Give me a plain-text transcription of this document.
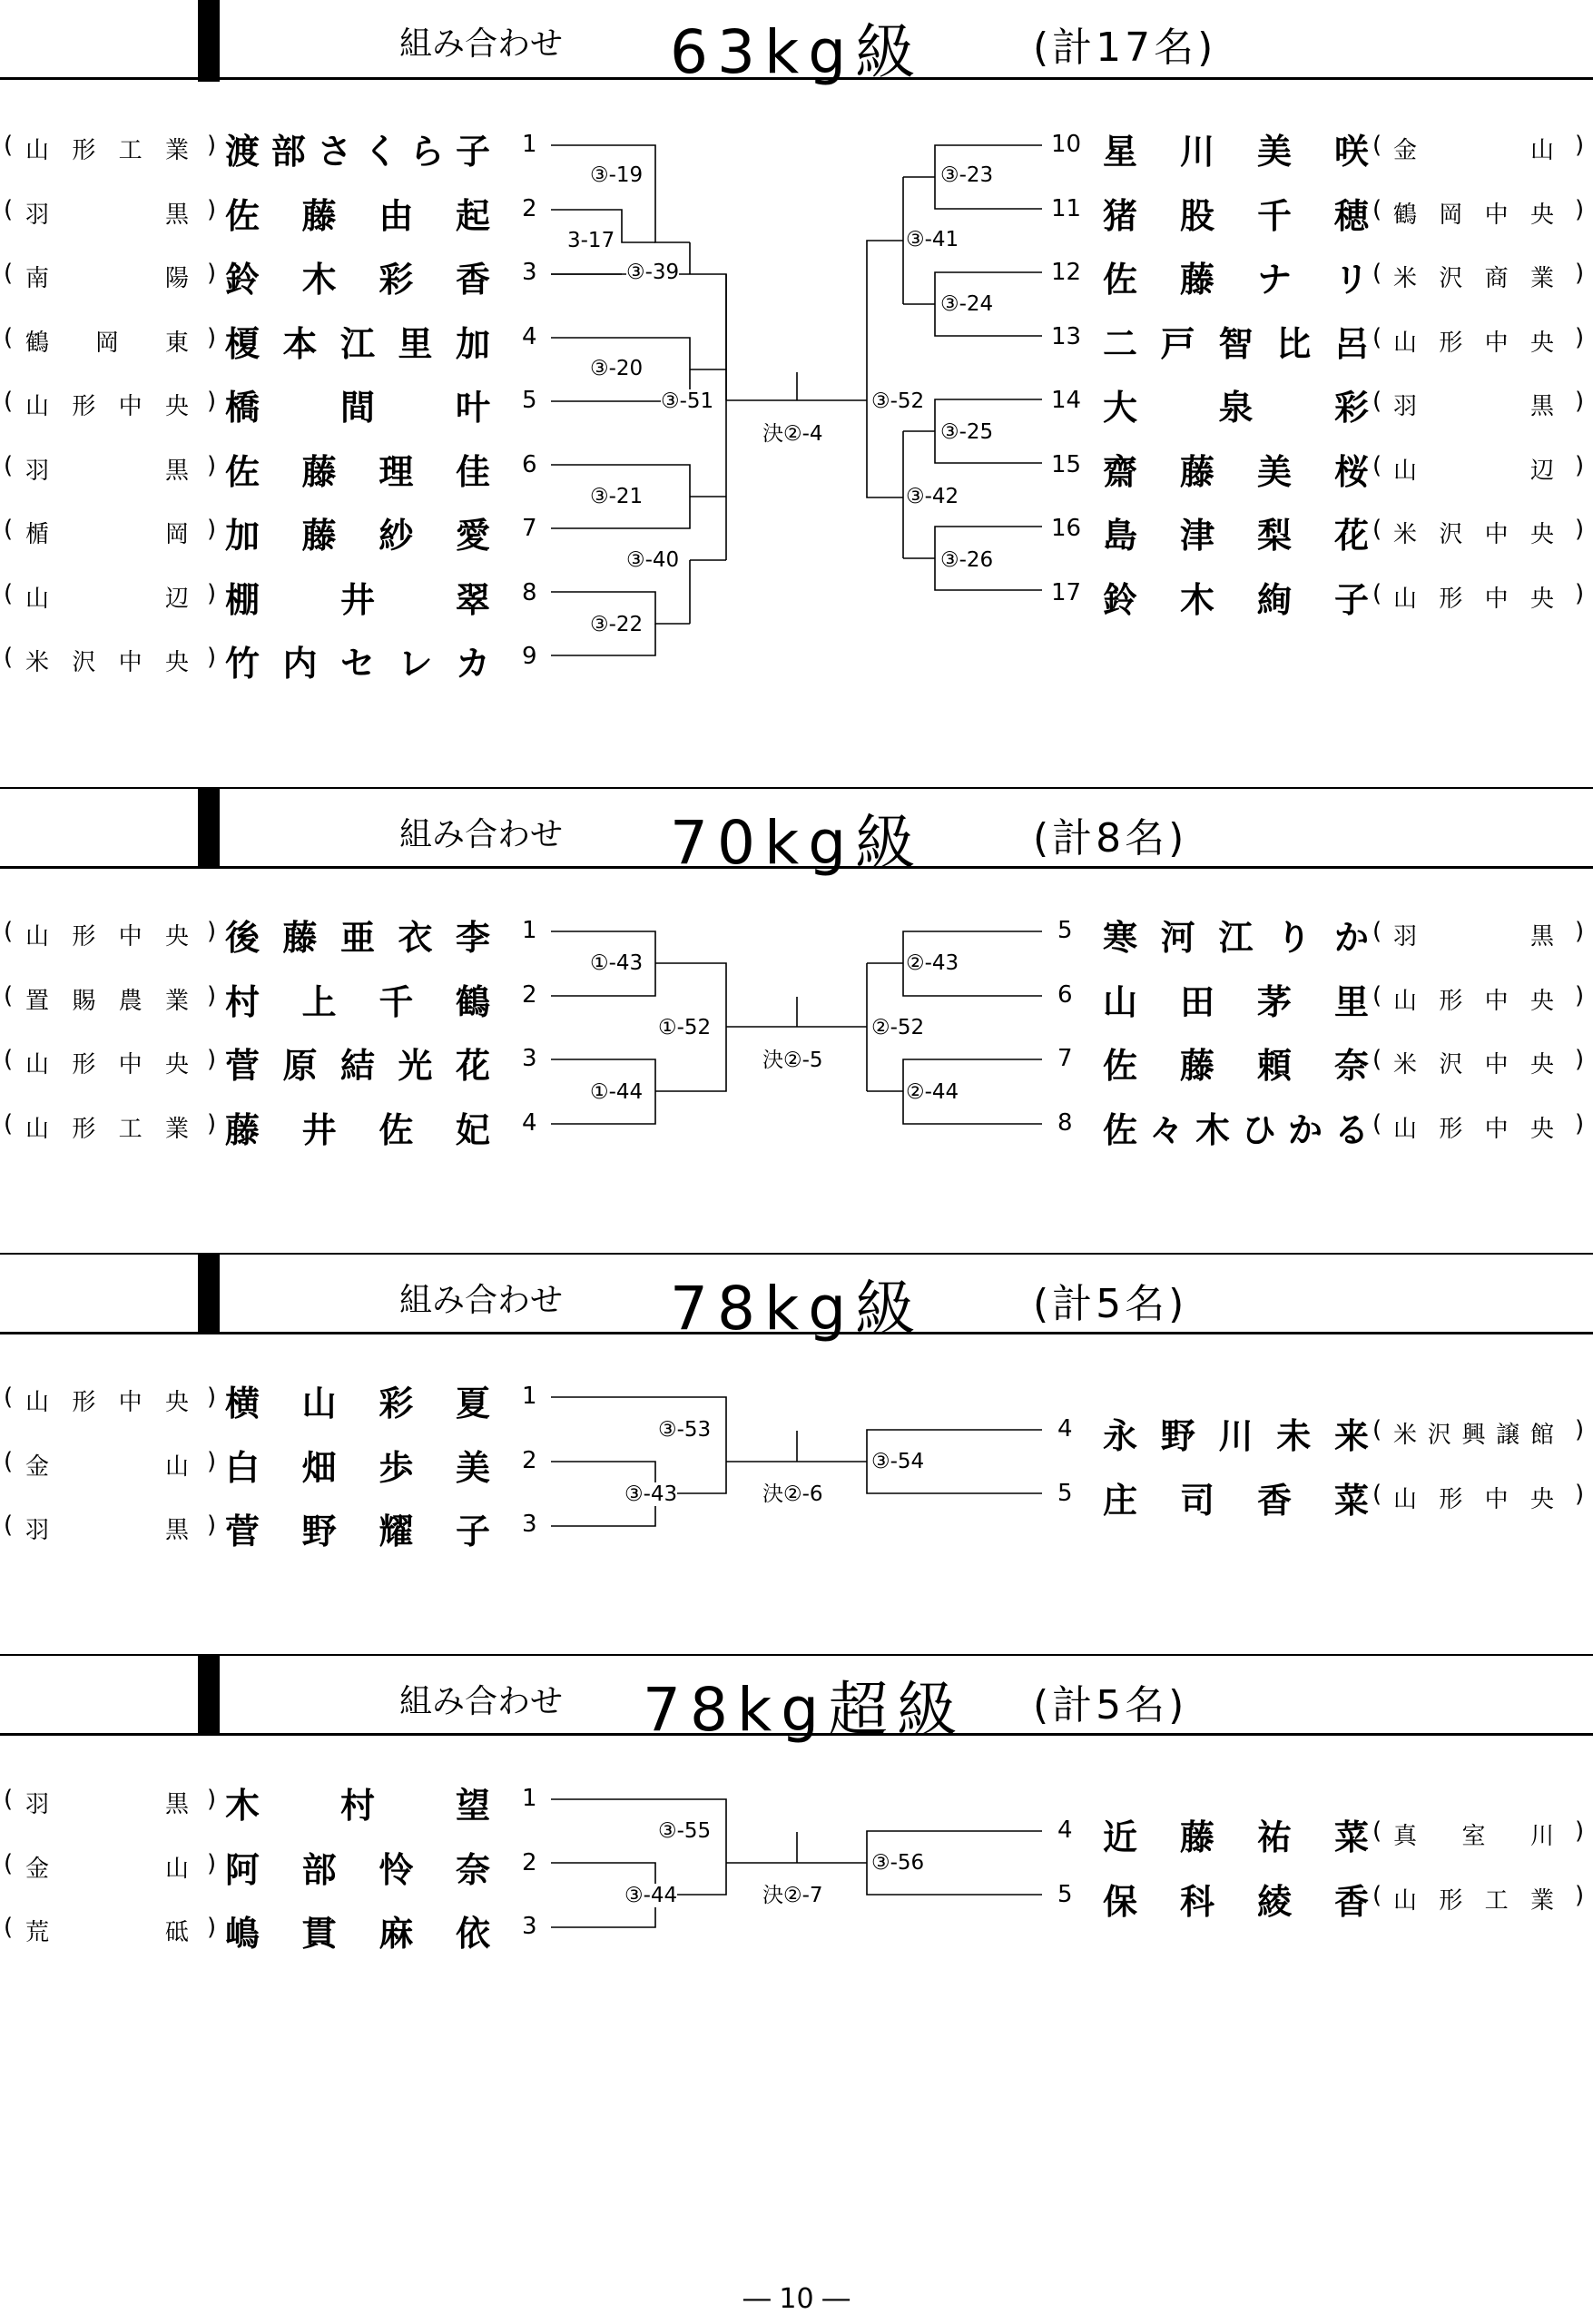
組み合わせ 63kg級	(計17名)
③-19
3-17
③-39
③-20
③-51
③-21
③-40
③-22
③-23
③-41
③-24
③-52
③-25
③-42
③-26
決②-4
組み合わせ 70kg級	(計8名)
①-43
①-52
①-44
②-43
②-52
②-44
決②-5
組み合わせ 78kg級	(計5名)
③-53
③-43
③-54
決②-6
組み合わせ 78kg超級 (計5名)
③-55
③-44
③-56
決②-7
― 10 ―
( 山 形 工 業 ) 渡 部 さ く ら 子 1
( 羽	黒 ) 佐 藤 由 起 2
( 南	陽 ) 鈴 木 彩 香 3
( 鶴 岡 東 ) 榎 本 江 里 加 4
( 山 形 中 央 ) 橋 間 叶 5
( 羽	黒 ) 佐 藤 理 佳 6
( 楯	岡 ) 加 藤 紗 愛 7
( 山	辺 ) 棚 井 翠 8
( 米 沢 中 央 ) 竹 内 セ レ カ 9
10 星 川 美 咲 ( 金	山 )
11 猪 股 千 穂 ( 鶴 岡 中 央 )
12 佐 藤 ナ リ ( 米 沢 商 業 )
13 二 戸 智 比 呂 ( 山 形 中 央 )
14 大 泉 彩 ( 羽	黒 )
15 齋 藤 美 桜 ( 山	辺 )
16 島 津 梨 花 ( 米 沢 中 央 )
17 鈴 木 絢 子 ( 山 形 中 央 )
( 山 形 中 央 ) 後 藤 亜 衣 李 1
( 置 賜 農 業 ) 村 上 千 鶴 2
( 山 形 中 央 ) 菅 原 結 光 花 3
( 山 形 工 業 ) 藤 井 佐 妃 4
5 寒 河 江 り か ( 羽	黒 )
6 山 田 茅 里 ( 山 形 中 央 )
7 佐 藤 頼 奈 ( 米 沢 中 央 )
8 佐 々 木 ひ か る ( 山 形 中 央 )
( 山 形 中 央 ) 横 山 彩 夏 1
( 金	山 ) 白 畑 歩 美 2
( 羽	黒 ) 菅 野 耀 子 3
4 永 野 川 未 来 ( 米 沢 興 譲 館 )
5 庄 司 香 菜 ( 山 形 中 央 )
( 羽	黒 ) 木 村 望 1
( 金	山 ) 阿 部 怜 奈 2
( 荒	砥 ) 嶋 貫 麻 依 3
4 近 藤 祐 菜 ( 真 室 川 )
5 保 科 綾 香 ( 山 形 工 業 )
